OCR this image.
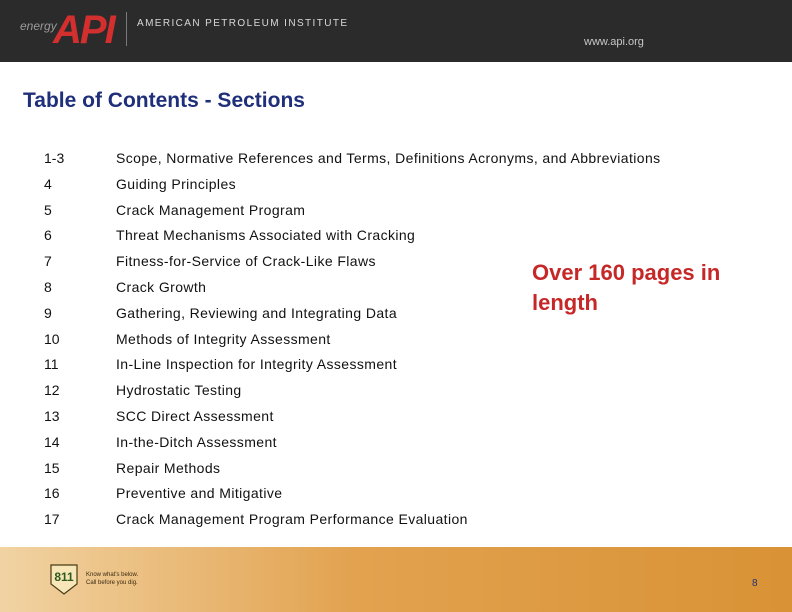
energy
API AMERICAN PETROLEUM INSTITUTE
www.api.org
Table of Contents - Sections
1-3	Scope, Normative References and Terms, Definitions Acronyms, and Abbreviations
4	Guiding Principles
5	Crack Management Program
6	Threat Mechanisms Associated with Cracking
7	Fitness-for-Service of Crack-Like Flaws
8	Crack Growth
9	Gathering, Reviewing and Integrating Data
10	Methods of Integrity Assessment
11	In-Line Inspection for Integrity Assessment
12	Hydrostatic Testing
13	SCC Direct Assessment
14	In-the-Ditch Assessment
15	Repair Methods
16	Preventive and Mitigative
17	Crack Management Program Performance Evaluation

Over 160 pages in length

811 Know what's below.
Call before you dig.	8
